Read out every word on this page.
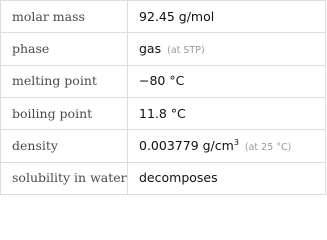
molar mass	92.45 g/mol
phase	gas (at STP)
melting point	−80 °C
boiling point	11.8 °C
density	0.003779 $g/cm^3$ (at 25 °C)
solubility in water	decomposes
